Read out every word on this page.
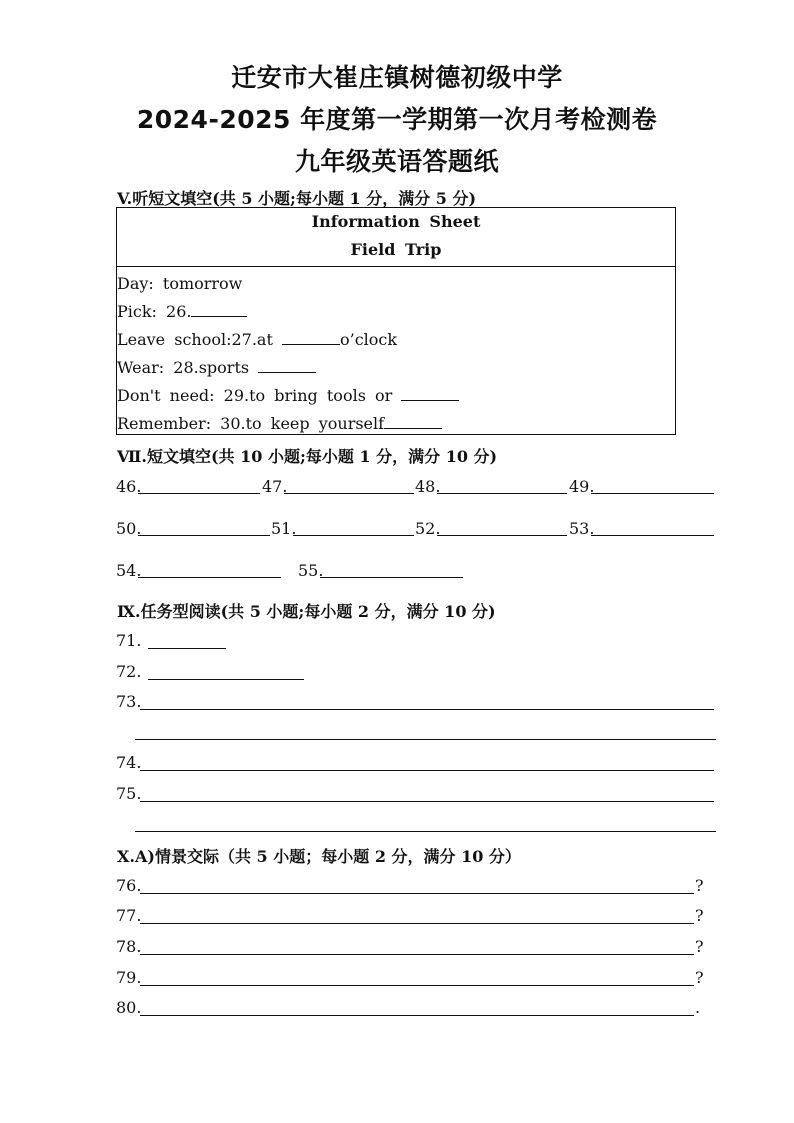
迁安市大崔庄镇树德初级中学
2024-2025 年度第一学期第一次月考检测卷
九年级英语答题纸
V.听短文填空(共 5 小题;每小题 1 分，满分 5 分)
Information Sheet
Field Trip
Day: tomorrow
Pick: 26.
Leave school:27.at	o’clock
Wear: 28.sports
Don't need: 29.to bring tools or
Remember: 30.to keep yourself
Ⅶ.短文填空(共 10 小题;每小题 1 分，满分 10 分)
46.	47.	48.	49.
50.	51.	52.	53.
54.	55.
Ⅸ.任务型阅读(共 5 小题;每小题 2 分，满分 10 分)
71.
72.
73.
74.
75.
Ⅹ.A)情景交际（共 5 小题；每小题 2 分，满分 10 分）
76.	?
77.	?
78.	?
79.	?
80.	.
